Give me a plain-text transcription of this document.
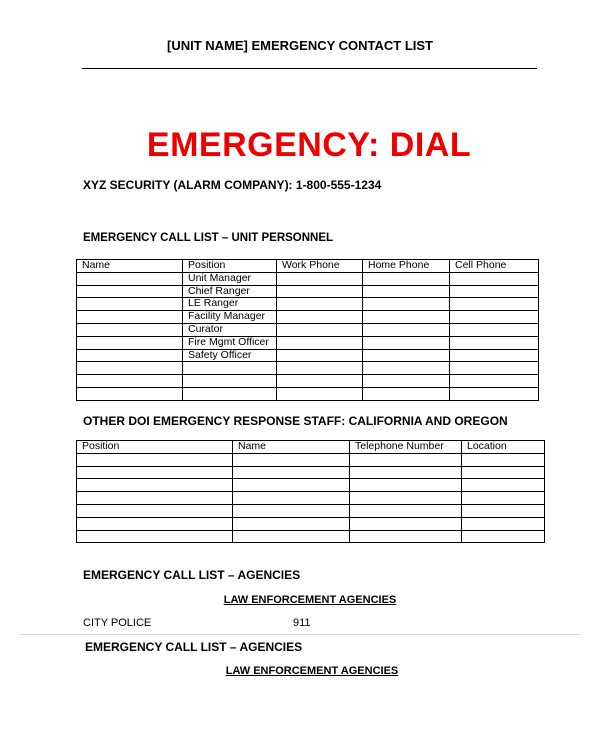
[UNIT NAME] EMERGENCY CONTACT LIST
EMERGENCY: DIAL
XYZ SECURITY (ALARM COMPANY): 1-800-555-1234
EMERGENCY CALL LIST – UNIT PERSONNEL
Name	Position	Work Phone	Home Phone	Cell Phone
	Unit Manager			
	Chief Ranger			
	LE Ranger			
	Facility Manager			
	Curator			
	Fire Mgmt Officer			
	Safety Officer			

OTHER DOI EMERGENCY RESPONSE STAFF: CALIFORNIA AND OREGON
Position	Name	Telephone Number	Location

EMERGENCY CALL LIST – AGENCIES
LAW ENFORCEMENT AGENCIES
CITY POLICE	911
EMERGENCY CALL LIST – AGENCIES
LAW ENFORCEMENT AGENCIES
